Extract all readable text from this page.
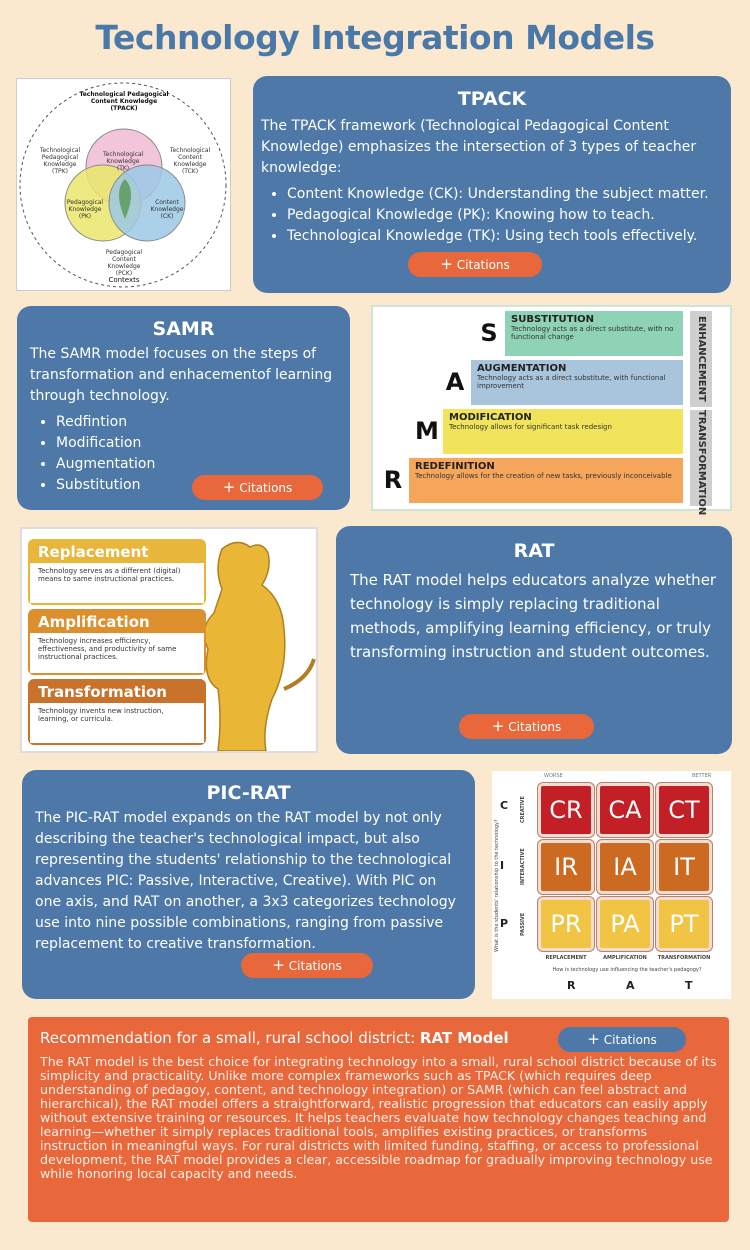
Technology Integration Models
Technological Pedagogical Content Knowledge (TPACK)
Technological Knowledge (TK)
Pedagogical Knowledge (PK)
Content Knowledge (CK)
Technological Pedagogical Knowledge (TPK)
Technological Content Knowledge (TCK)
Pedagogical Content Knowledge (PCK)
Contexts
TPACK

The TPACK framework (Technological Pedagogical Content Knowledge) emphasizes the intersection of 3 types of teacher knowledge:

• Content Knowledge (CK): Understanding the subject matter.
• Pedagogical Knowledge (PK): Knowing how to teach.
• Technological Knowledge (TK): Using tech tools effectively.
+ Citations
SAMR

The SAMR model focuses on the steps of transformation and enhacementof learning through technology.

• Redfintion
• Modification
• Augmentation
• Substitution	+ Citations
S	SUBSTITUTION
Technology acts as a direct substitute, with no functional change
A AUGMENTATION
Technology acts as a direct substitute, with functional improvement
M MODIFICATION
Technology allows for significant task redesign
R REDEFINITION
Technology allows for the creation of new tasks, previously inconceivable
ENHANCEMENT
TRANSFORMATION
Replacement
Technology serves as a different (digital) means to same instructional practices.
Amplification
Technology increases efficiency, effectiveness, and productivity of same instructional practices.
Transformation
Technology invents new instruction, learning, or curricula.
RAT

The RAT model helps educators analyze whether technology is simply replacing traditional methods, amplifying learning efficiency, or truly transforming instruction and student outcomes.

+ Citations
PIC-RAT

The PIC-RAT model expands on the RAT model by not only describing the teacher's technological impact, but also representing the students' relationship to the technological advances PIC: Passive, Interactive, Creative). With PIC on one axis, and RAT on another, a 3x3 categorizes technology use into nine possible combinations, ranging from passive replacement to creative transformation.

+ Citations
WORSE	BETTER
What is the students' relationship to the technology?
C
I
P
CREATIVE CR	CA	CT
INTERACTIVE	IR	IA	IT
PASSIVE	PR	PA	PT
REPLACEMENT	AMPLIFICATION	TRANSFORMATION
How is technology use influencing the teacher's pedagogy?
R	A	T
Recommendation for a small, rural school district: RAT Model

The RAT model is the best choice for integrating technology into a small, rural school district because of its simplicity and practicality. Unlike more complex frameworks such as TPACK (which requires deep understanding of pedagoy, content, and technology integration) or SAMR (which can feel abstract and hierarchical), the RAT model offers a straightforward, realistic progression that educators can easily apply without extensive training or resources. It helps teachers evaluate how technology changes teaching and learning—whether it simply replaces traditional tools, amplifies existing practices, or transforms instruction in meaningful ways. For rural districts with limited funding, staffing, or access to professional development, the RAT model provides a clear, accessible roadmap for gradually improving technology use while honoring local capacity and needs.

+ Citations
